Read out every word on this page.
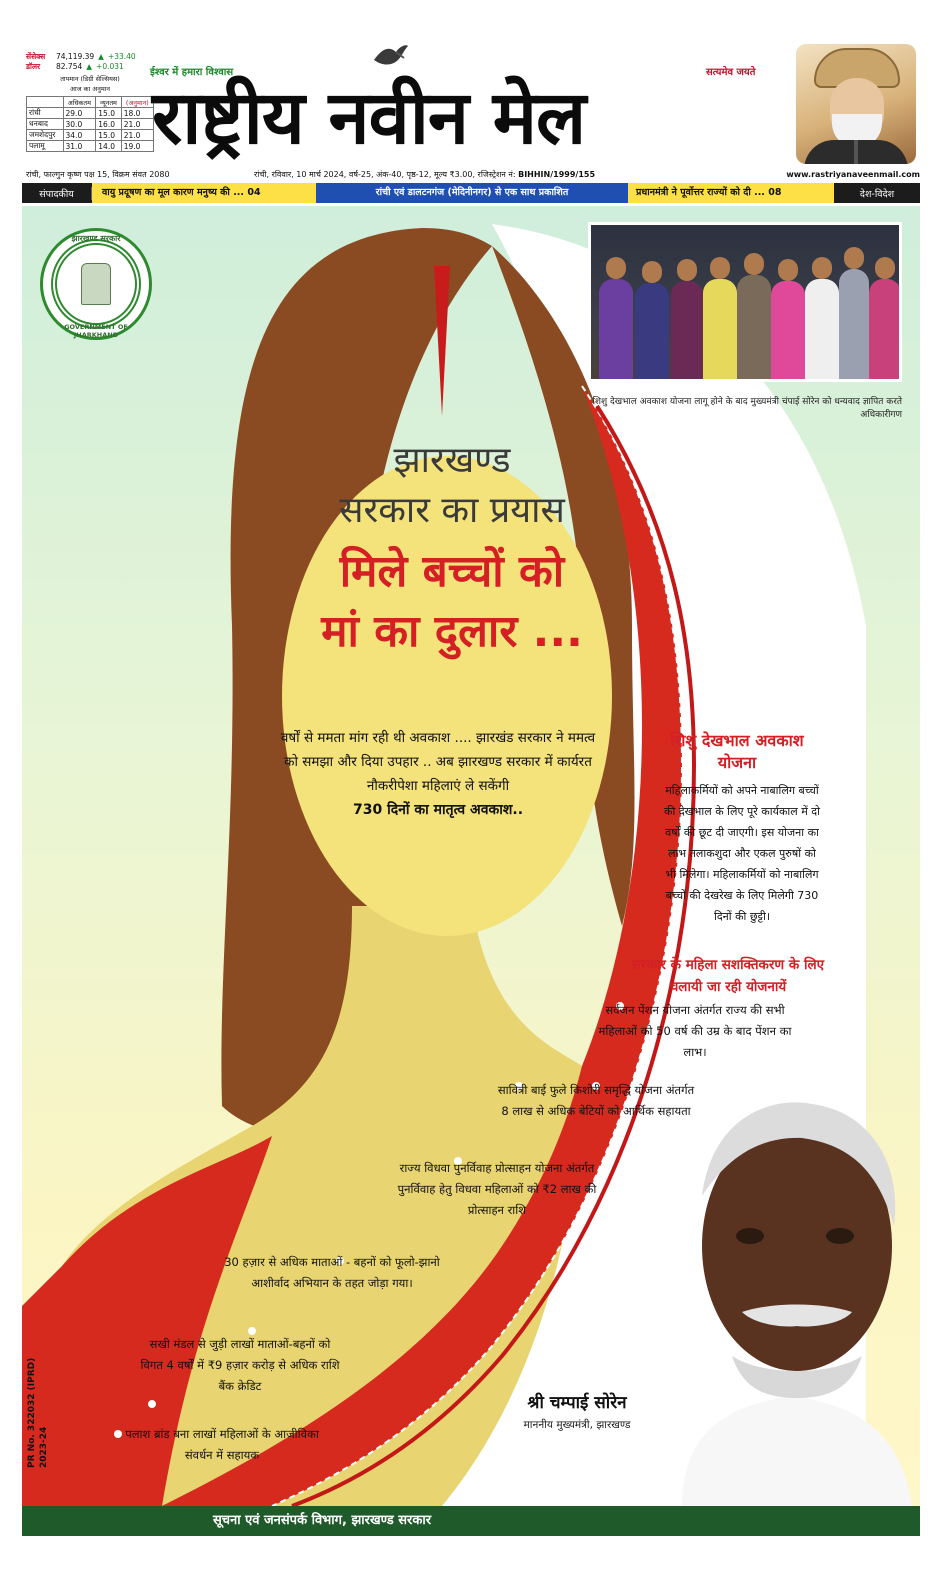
सेंसेक्स	74,119.39 ▲ +33.40
डॉलर	82.754 ▲ +0.031
तापमान (डिग्री सेल्सियस)
आज का अनुमान
	अधिकतम	न्यूनतम	(अनुमान)
रांची	29.0	15.0	18.0
धनबाद	30.0	16.0	21.0
जमशेदपुर	34.0	15.0	21.0
पलामू	31.0	14.0	19.0
ईश्वर में हमारा विश्वास	सत्यमेव जयते
राष्ट्रीय नवीन मेल
रांची, फाल्गुन कृष्ण पक्ष 15, विक्रम संवत 2080	रांची, रविवार, 10 मार्च 2024, वर्ष-25, अंक-40, पृष्ठ-12, मूल्य ₹3.00, रजिस्ट्रेशन नं: BIHHIN/1999/155	www.rastriyanaveenmail.com
संपादकीय	वायु प्रदूषण का मूल कारण मनुष्य की ... 04	रांची एवं डालटनगंज (मेदिनीनगर) से एक साथ प्रकाशित	प्रधानमंत्री ने पूर्वोत्तर राज्यों को दी ... 08	देश-विदेश
झारखण्ड सरकार
GOVERNMENT OF JHARKHAND
शिशु देखभाल अवकाश योजना लागू होने के बाद मुख्यमंत्री चंपाई सोरेन को धन्यवाद ज्ञापित करते अधिकारीगण
झारखण्ड
सरकार का प्रयास
मिले बच्चों को
मां का दुलार ...
वर्षों से ममता मांग रही थी अवकाश .... झारखंड सरकार ने ममत्व को समझा और दिया उपहार .. अब झारखण्ड सरकार में कार्यरत नौकरीपेशा महिलाएं ले सकेंगी
730 दिनों का मातृत्व अवकाश..
शिशु देखभाल अवकाश योजना
महिलाकर्मियों को अपने नाबालिग बच्चों की देखभाल के लिए पूरे कार्यकाल में दो वर्षों की छूट दी जाएगी। इस योजना का लाभ तलाकशुदा और एकल पुरुषों को भी मिलेगा। महिलाकर्मियों को नाबालिग बच्चों की देखरेख के लिए मिलेगी 730 दिनों की छुट्टी।
सरकार के महिला सशक्तिकरण के लिए चलायी जा रही योजनायें
सर्वजन पेंशन योजना अंतर्गत राज्य की सभी महिलाओं को 50 वर्ष की उम्र के बाद पेंशन का लाभ।
सावित्री बाई फुले किशोरी समृद्धि योजना अंतर्गत 8 लाख से अधिक बेटियों को आर्थिक सहायता
राज्य विधवा पुनर्विवाह प्रोत्साहन योजना अंतर्गत पुनर्विवाह हेतु विधवा महिलाओं को ₹2 लाख की प्रोत्साहन राशि
30 हज़ार से अधिक माताओं - बहनों को फूलो-झानो आशीर्वाद अभियान के तहत जोड़ा गया।
सखी मंडल से जुड़ी लाखों माताओं-बहनों को विगत 4 वर्षों में ₹9 हज़ार करोड़ से अधिक राशि बैंक क्रेडिट
पलाश ब्रांड बना लाखों महिलाओं के आजीविका संवर्धन में सहायक
श्री चम्पाई सोरेन
माननीय मुख्यमंत्री, झारखण्ड
PR No. 322032 (IPRD) 2023-24
सूचना एवं जनसंपर्क विभाग, झारखण्ड सरकार
